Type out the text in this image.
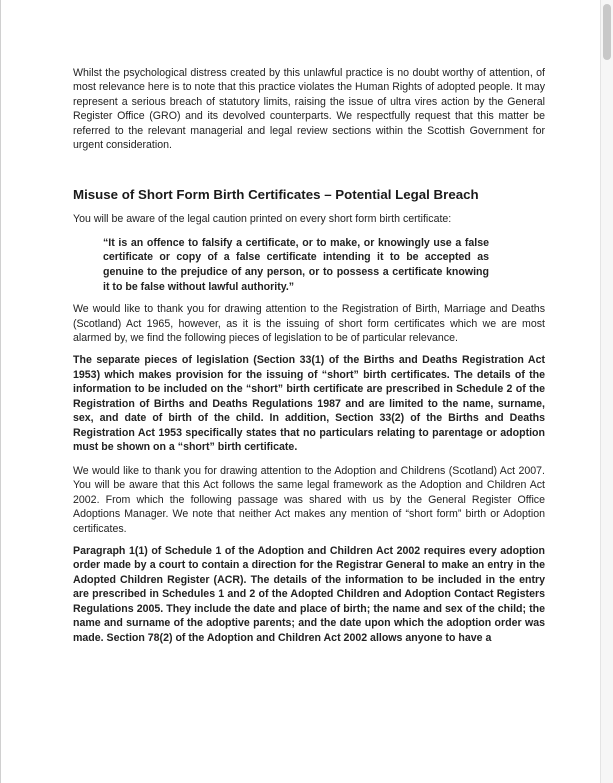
Whilst the psychological distress created by this unlawful practice is no doubt worthy of attention, of most relevance here is to note that this practice violates the Human Rights of adopted people. It may represent a serious breach of statutory limits, raising the issue of ultra vires action by the General Register Office (GRO) and its devolved counterparts. We respectfully request that this matter be referred to the relevant managerial and legal review sections within the Scottish Government for urgent consideration.

Misuse of Short Form Birth Certificates – Potential Legal Breach

You will be aware of the legal caution printed on every short form birth certificate:

“It is an offence to falsify a certificate, or to make, or knowingly use a false certificate or copy of a false certificate intending it to be accepted as genuine to the prejudice of any person, or to possess a certificate knowing it to be false without lawful authority.”

We would like to thank you for drawing attention to the Registration of Birth, Marriage and Deaths (Scotland) Act 1965, however, as it is the issuing of short form certificates which we are most alarmed by, we find the following pieces of legislation to be of particular relevance.

The separate pieces of legislation (Section 33(1) of the Births and Deaths Registration Act 1953) which makes provision for the issuing of “short” birth certificates. The details of the information to be included on the “short” birth certificate are prescribed in Schedule 2 of the Registration of Births and Deaths Regulations 1987 and are limited to the name, surname, sex, and date of birth of the child. In addition, Section 33(2) of the Births and Deaths Registration Act 1953 specifically states that no particulars relating to parentage or adoption must be shown on a “short” birth certificate.

We would like to thank you for drawing attention to the Adoption and Childrens (Scotland) Act 2007. You will be aware that this Act follows the same legal framework as the Adoption and Children Act 2002. From which the following passage was shared with us by the General Register Office Adoptions Manager. We note that neither Act makes any mention of “short form” birth or Adoption certificates.

Paragraph 1(1) of Schedule 1 of the Adoption and Children Act 2002 requires every adoption order made by a court to contain a direction for the Registrar General to make an entry in the Adopted Children Register (ACR). The details of the information to be included in the entry are prescribed in Schedules 1 and 2 of the Adopted Children and Adoption Contact Registers Regulations 2005. They include the date and place of birth; the name and sex of the child; the name and surname of the adoptive parents; and the date upon which the adoption order was made. Section 78(2) of the Adoption and Children Act 2002 allows anyone to have a
